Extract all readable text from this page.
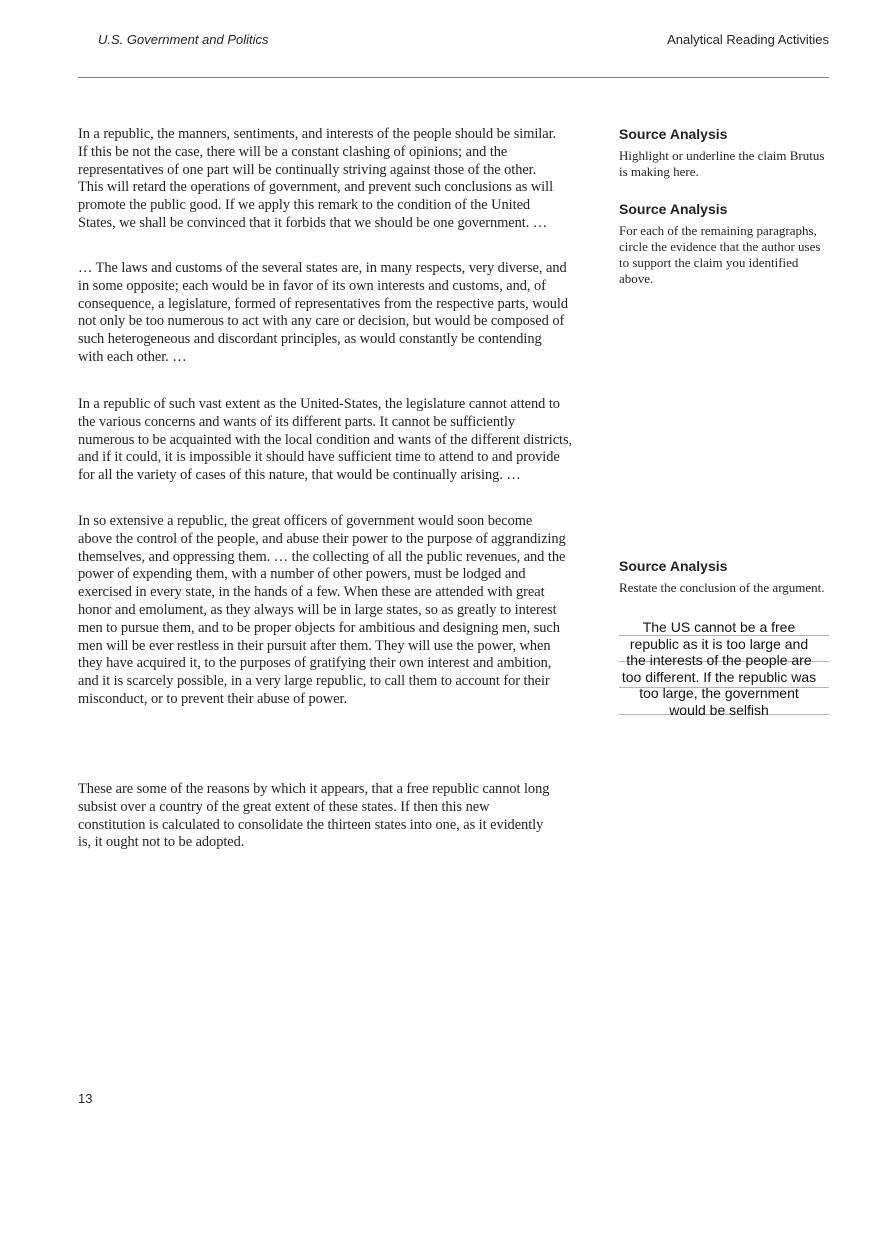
U.S. Government and Politics	Analytical Reading Activities

In a republic, the manners, sentiments, and interests of the people should be similar. If this be not the case, there will be a constant clashing of opinions; and the representatives of one part will be continually striving against those of the other. This will retard the operations of government, and prevent such conclusions as will promote the public good. If we apply this remark to the condition of the United States, we shall be convinced that it forbids that we should be one government. …

… The laws and customs of the several states are, in many respects, very diverse, and in some opposite; each would be in favor of its own interests and customs, and, of consequence, a legislature, formed of representatives from the respective parts, would not only be too numerous to act with any care or decision, but would be composed of such heterogeneous and discordant principles, as would constantly be contending with each other. …

In a republic of such vast extent as the United-States, the legislature cannot attend to the various concerns and wants of its different parts. It cannot be sufficiently numerous to be acquainted with the local condition and wants of the different districts, and if it could, it is impossible it should have sufficient time to attend to and provide for all the variety of cases of this nature, that would be continually arising. …

In so extensive a republic, the great officers of government would soon become above the control of the people, and abuse their power to the purpose of aggrandizing themselves, and oppressing them. … the collecting of all the public revenues, and the power of expending them, with a number of other powers, must be lodged and exercised in every state, in the hands of a few. When these are attended with great honor and emolument, as they always will be in large states, so as greatly to interest men to pursue them, and to be proper objects for ambitious and designing men, such men will be ever restless in their pursuit after them. They will use the power, when they have acquired it, to the purposes of gratifying their own interest and ambition, and it is scarcely possible, in a very large republic, to call them to account for their misconduct, or to prevent their abuse of power.

These are some of the reasons by which it appears, that a free republic cannot long subsist over a country of the great extent of these states. If then this new constitution is calculated to consolidate the thirteen states into one, as it evidently is, it ought not to be adopted.

Source Analysis

Highlight or underline the claim Brutus is making here.

Source Analysis

For each of the remaining paragraphs, circle the evidence that the author uses to support the claim you identified above.

Source Analysis

Restate the conclusion of the argument.

The US cannot be a free republic as it is too large and the interests of the people are too different. If the republic was too large, the government would be selfish
13
